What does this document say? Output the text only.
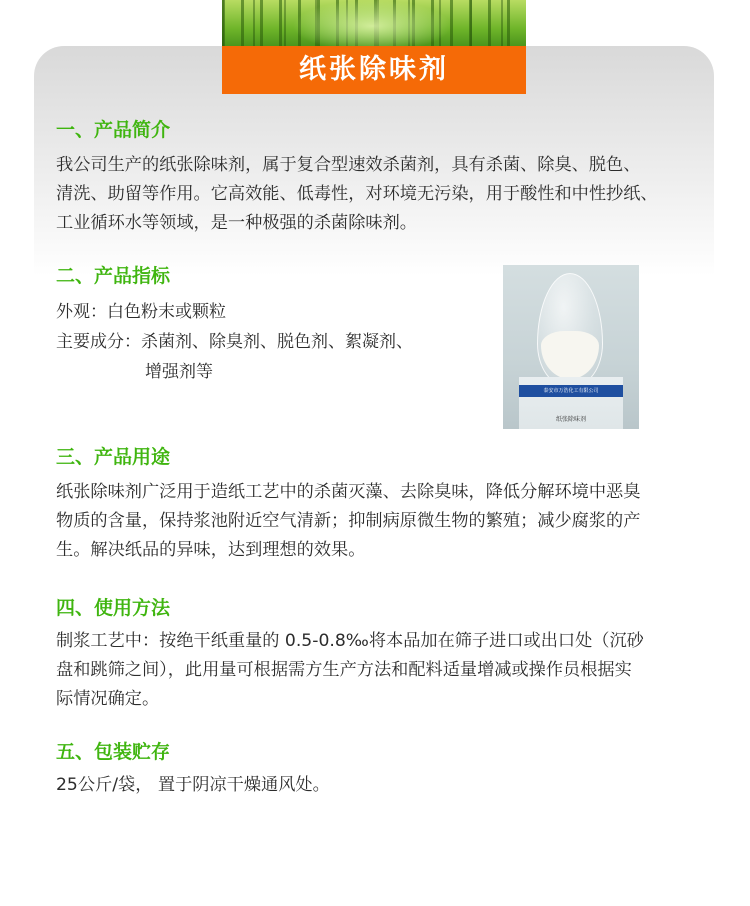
纸张除味剂
一、产品简介

我公司生产的纸张除味剂，属于复合型速效杀菌剂，具有杀菌、除臭、脱色、

清洗、助留等作用。它高效能、低毒性，对环境无污染，用于酸性和中性抄纸、

工业循环水等领域，是一种极强的杀菌除味剂。

二、产品指标

外观：白色粉末或颗粒

主要成分：杀菌剂、除臭剂、脱色剂、絮凝剂、

增强剂等

泰安市万浩化工有限公司
纸张除味剂
三、产品用途

纸张除味剂广泛用于造纸工艺中的杀菌灭藻、去除臭味，降低分解环境中恶臭

物质的含量，保持浆池附近空气清新；抑制病原微生物的繁殖；减少腐浆的产

生。解决纸品的异味，达到理想的效果。

四、使用方法

制浆工艺中：按绝干纸重量的 0.5-0.8‰将本品加在筛子进口或出口处（沉砂

盘和跳筛之间），此用量可根据需方生产方法和配料适量增减或操作员根据实

际情况确定。

五、包装贮存

25公斤/袋， 置于阴凉干燥通风处。
